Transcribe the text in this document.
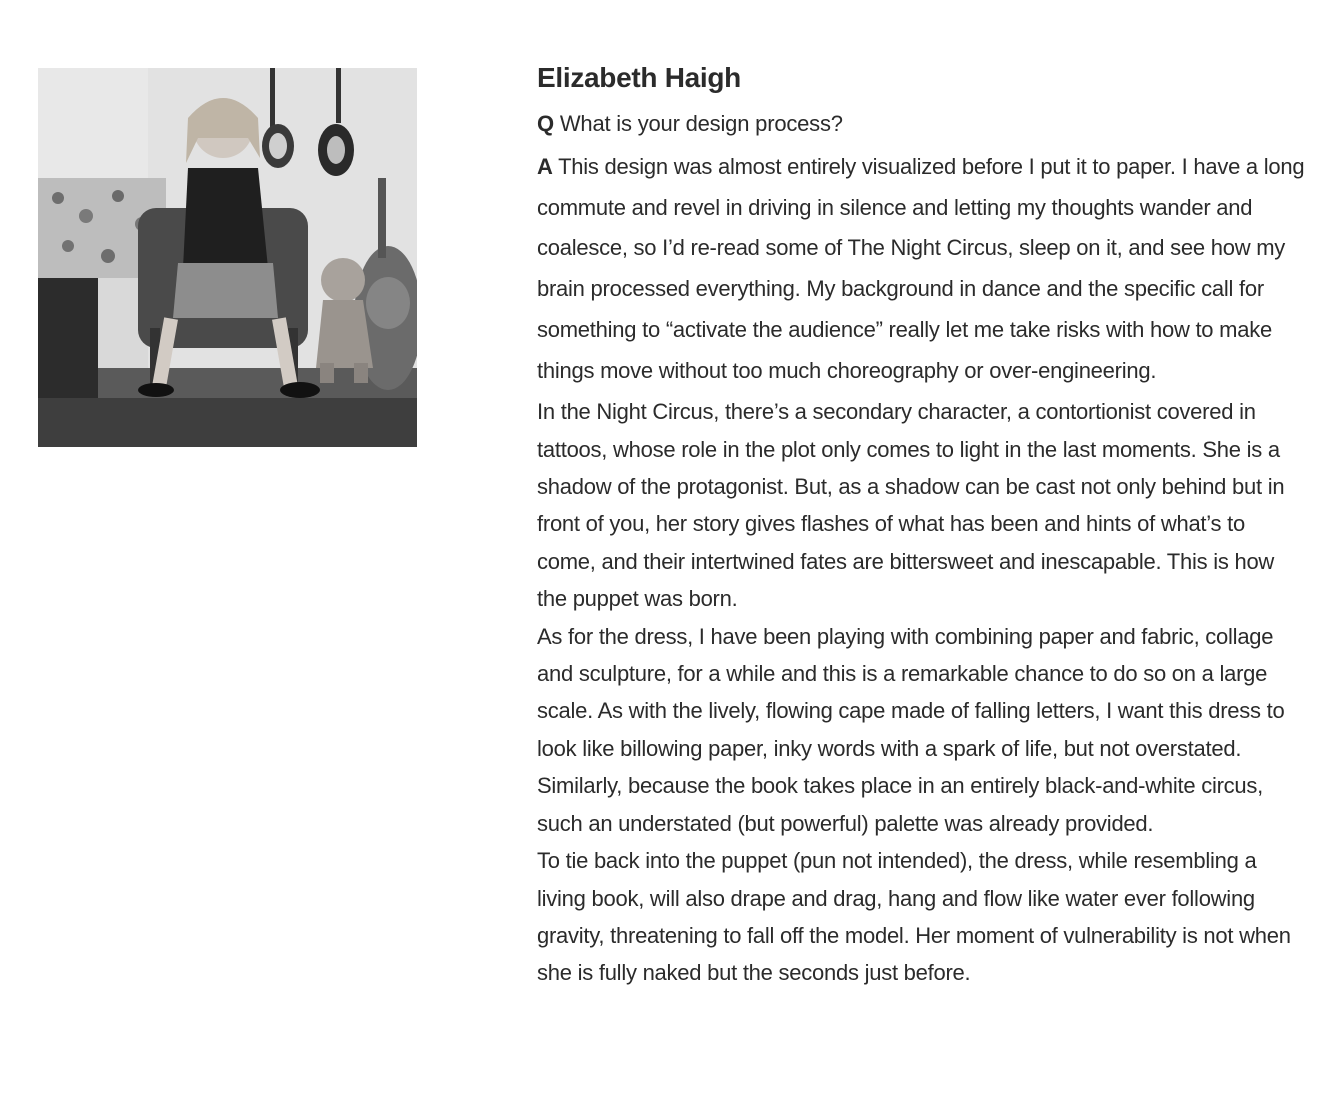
Elizabeth Haigh

Q What is your design process?

A This design was almost entirely visualized before I put it to paper. I have a long commute and revel in driving in silence and letting my thoughts wander and coalesce, so I’d re-read some of The Night Circus, sleep on it, and see how my brain processed everything. My background in dance and the specific call for something to “activate the audience” really let me take risks with how to make things move without too much choreography or over-engineering.

In the Night Circus, there’s a secondary character, a contortionist covered in tattoos, whose role in the plot only comes to light in the last moments. She is a shadow of the protagonist. But, as a shadow can be cast not only behind but in front of you, her story gives flashes of what has been and hints of what’s to come, and their intertwined fates are bittersweet and inescapable. This is how the puppet was born.

As for the dress, I have been playing with combining paper and fabric, collage and sculpture, for a while and this is a remarkable chance to do so on a large scale. As with the lively, flowing cape made of falling letters, I want this dress to look like billowing paper, inky words with a spark of life, but not overstated. Similarly, because the book takes place in an entirely black-and-white circus, such an understated (but powerful) palette was already provided.

To tie back into the puppet (pun not intended), the dress, while resembling a living book, will also drape and drag, hang and flow like water ever following gravity, threatening to fall off the model. Her moment of vulnerability is not when she is fully naked but the seconds just before.
